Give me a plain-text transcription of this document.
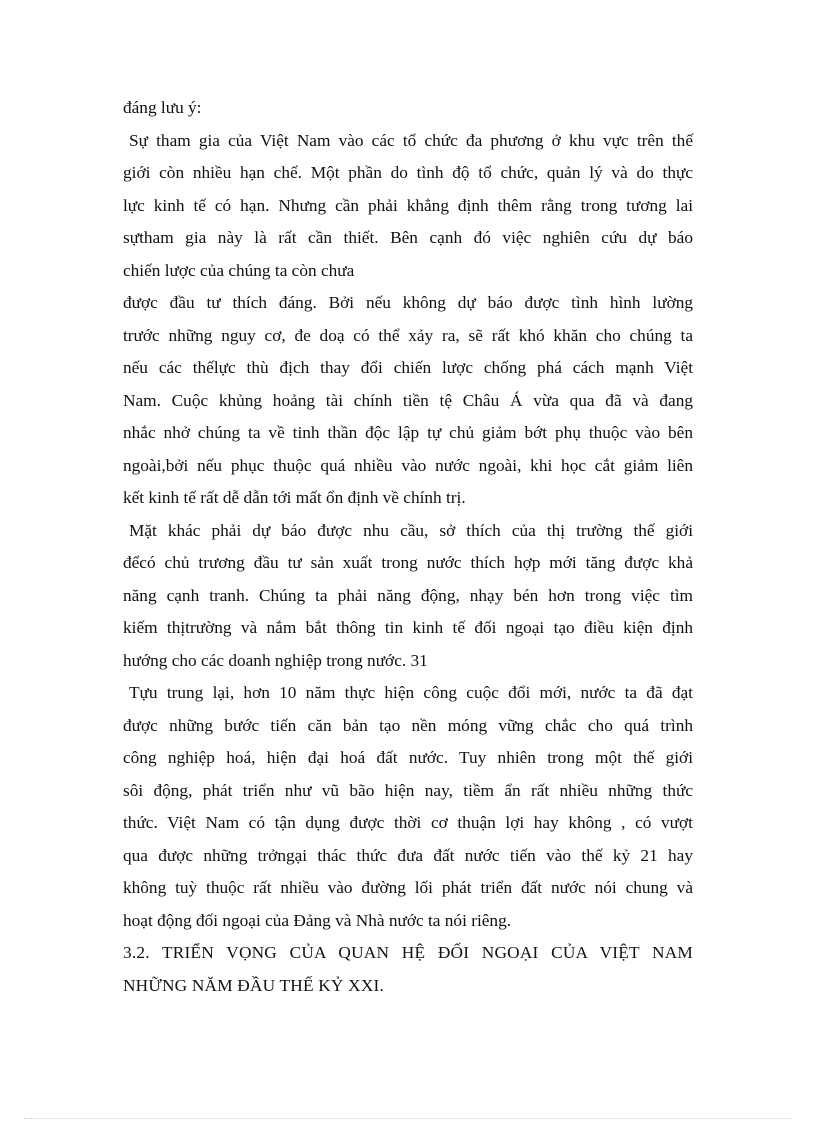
đáng lưu ý:
Sự tham gia của Việt Nam vào các tổ chức đa phương ở khu vực trên thế
giới còn nhiều hạn chế. Một phần do tình độ tổ chức, quản lý và do thực
lực kinh tế có hạn. Nhưng cần phải khẳng định thêm rằng trong tương lai
sựtham gia này là rất cần thiết. Bên cạnh đó việc nghiên cứu dự báo
chiến lược của chúng ta còn chưa
được đầu tư thích đáng. Bởi nếu không dự báo được tình hình lường
trước những nguy cơ, đe doạ có thể xảy ra, sẽ rất khó khăn cho chúng ta
nếu các thếlực thù địch thay đổi chiến lược chống phá cách mạnh Việt
Nam. Cuộc khủng hoảng tài chính tiền tệ Châu Á vừa qua đã và đang
nhắc nhở chúng ta về tinh thần độc lập tự chủ giảm bớt phụ thuộc vào bên
ngoài,bởi nếu phục thuộc quá nhiều vào nước ngoài, khi học cắt giảm liên
kết kinh tế rất dễ dẫn tới mất ổn định về chính trị.
Mặt khác phải dự báo được nhu cầu, sở thích của thị trường thế giới
đểcó chủ trương đầu tư sản xuất trong nước thích hợp mới tăng được khả
năng cạnh tranh. Chúng ta phải năng động, nhạy bén hơn trong việc tìm
kiếm thịtrường và nắm bắt thông tin kinh tế đối ngoại tạo điều kiện định
hướng cho các doanh nghiệp trong nước. 31
Tựu trung lại, hơn 10 năm thực hiện công cuộc đổi mới, nước ta đã đạt
được những bước tiến căn bản tạo nền móng vững chắc cho quá trình
công nghiệp hoá, hiện đại hoá đất nước. Tuy nhiên trong một thế giới
sôi động, phát triển như vũ bão hiện nay, tiềm ẩn rất nhiều những thức
thức. Việt Nam có tận dụng được thời cơ thuận lợi hay không , có vượt
qua được những trởngại thác thức đưa đất nước tiến vào thế kỷ 21 hay
không tuỳ thuộc rất nhiều vào đường lối phát triển đất nước nói chung và
hoạt động đối ngoại của Đảng và Nhà nước ta nói riêng.
3.2. TRIỂN VỌNG CỦA QUAN HỆ ĐỐI NGOẠI CỦA VIỆT NAM
NHỮNG NĂM ĐẦU THẾ KỶ XXI.
